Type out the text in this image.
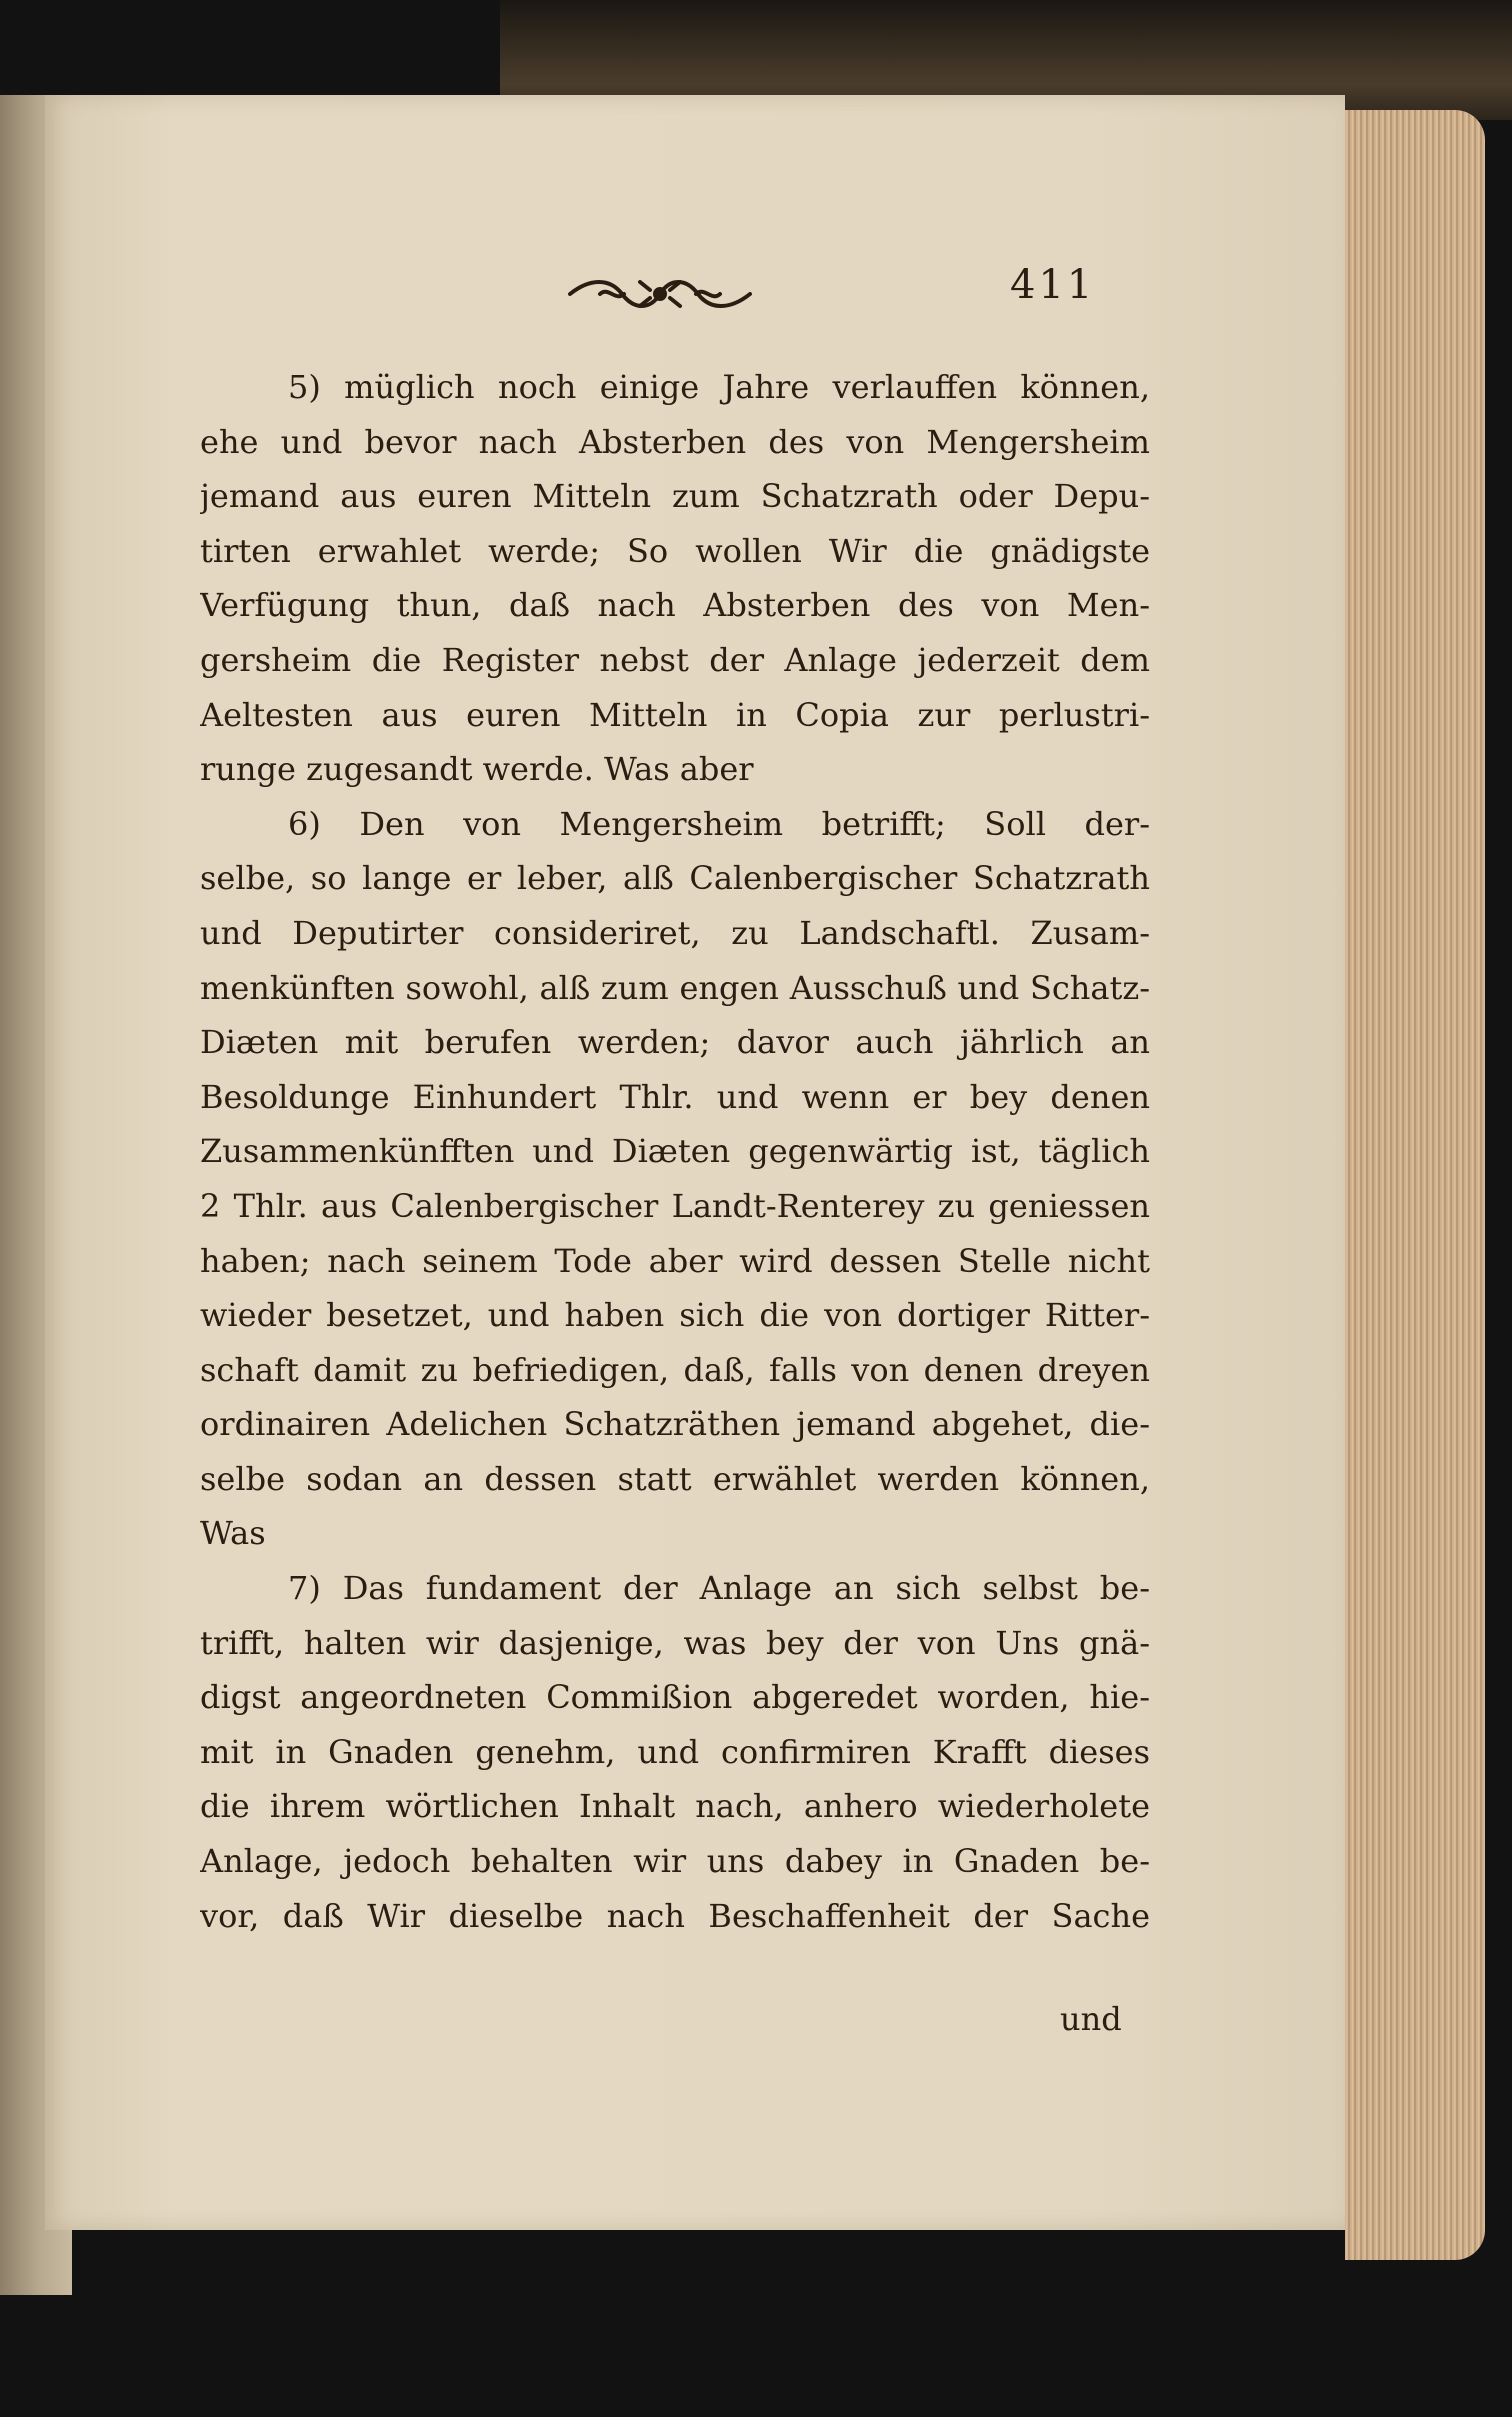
411
5) müglich noch einige Jahre verlauffen können,
ehe und bevor nach Absterben des von Mengersheim
jemand aus euren Mitteln zum Schatzrath oder Depu-
tirten erwahlet werde; So wollen Wir die gnädigste
Verfügung thun, daß nach Absterben des von Men-
gersheim die Register nebst der Anlage jederzeit dem
Aeltesten aus euren Mitteln in Copia zur perlustri-
runge zugesandt werde. Was aber
6) Den von Mengersheim betrifft; Soll der-
selbe, so lange er leber, alß Calenbergischer Schatzrath
und Deputirter consideriret, zu Landschaftl. Zusam-
menkünften sowohl, alß zum engen Ausschuß und Schatz-
Diæten mit berufen werden; davor auch jährlich an
Besoldunge Einhundert Thlr. und wenn er bey denen
Zusammenkünfften und Diæten gegenwärtig ist, täglich
2 Thlr. aus Calenbergischer Landt-Renterey zu geniessen
haben; nach seinem Tode aber wird dessen Stelle nicht
wieder besetzet, und haben sich die von dortiger Ritter-
schaft damit zu befriedigen, daß, falls von denen dreyen
ordinairen Adelichen Schatzräthen jemand abgehet, die-
selbe sodan an dessen statt erwählet werden können,
Was
7) Das fundament der Anlage an sich selbst be-
trifft, halten wir dasjenige, was bey der von Uns gnä-
digst angeordneten Commißion abgeredet worden, hie-
mit in Gnaden genehm, und confirmiren Krafft dieses
die ihrem wörtlichen Inhalt nach, anhero wiederholete
Anlage, jedoch behalten wir uns dabey in Gnaden be-
vor, daß Wir dieselbe nach Beschaffenheit der Sache
und
